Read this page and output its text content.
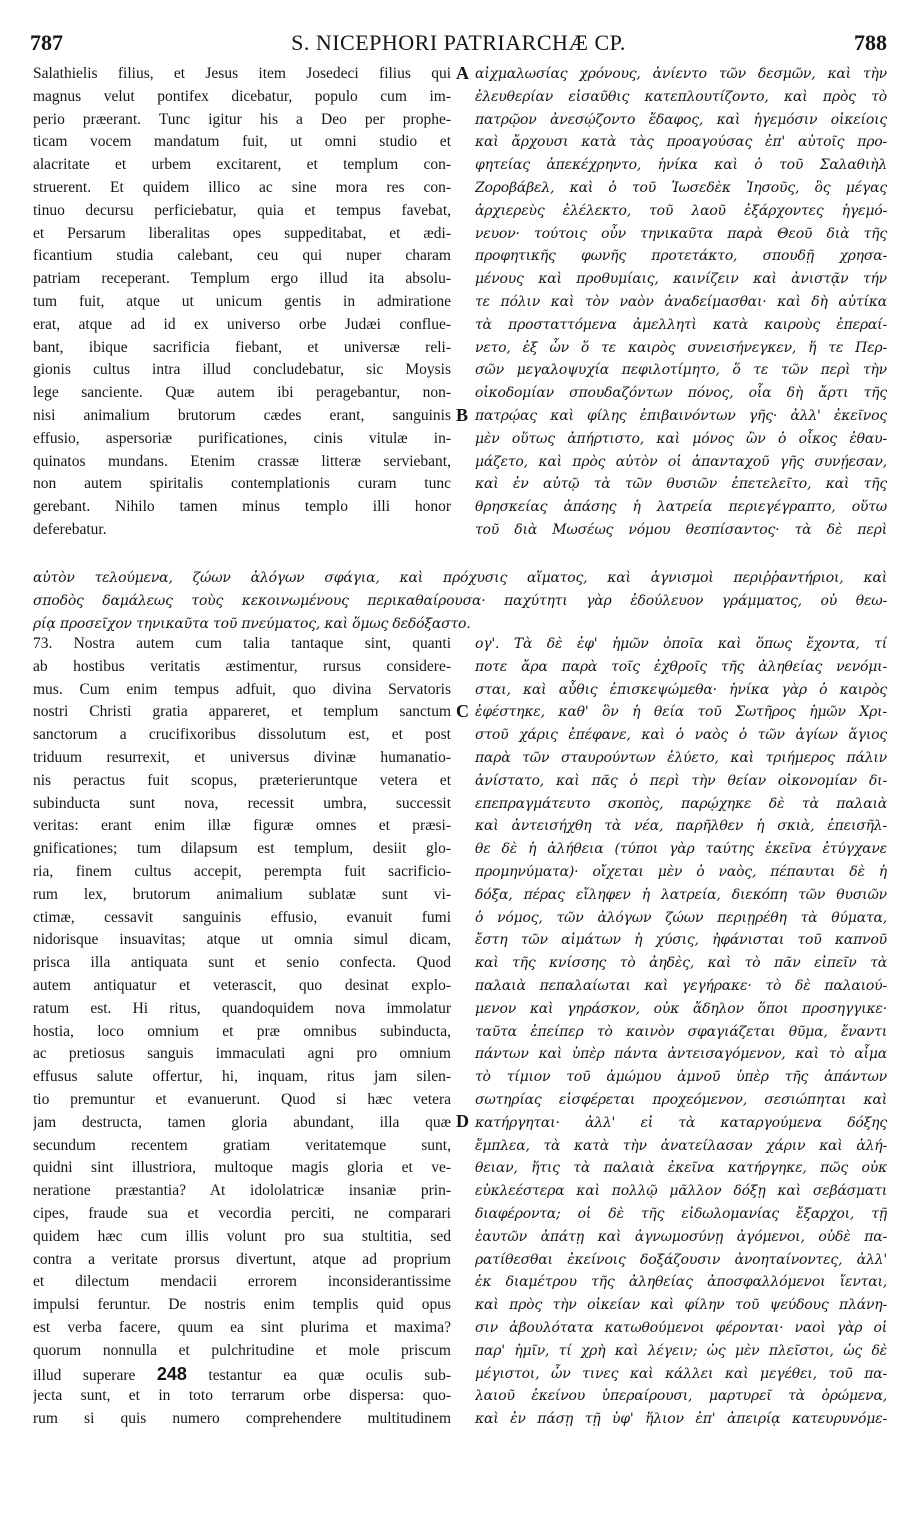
787	S. NICEPHORI PATRIARCHÆ CP.	788
Salathielis filius, et Jesus item Josedeci filius qui
magnus velut pontifex dicebatur, populo cum im-
perio præerant. Tunc igitur his a Deo per prophe-
ticam vocem mandatum fuit, ut omni studio et
alacritate et urbem excitarent, et templum con-
struerent. Et quidem illico ac sine mora res con-
tinuo decursu perficiebatur, quia et tempus favebat,
et Persarum liberalitas opes suppeditabat, et ædi-
ficantium studia calebant, ceu qui nuper charam
patriam receperant. Templum ergo illud ita absolu-
tum fuit, atque ut unicum gentis in admiratione
erat, atque ad id ex universo orbe Judæi conflue-
bant, ibique sacrificia fiebant, et universæ reli-
gionis cultus intra illud concludebatur, sic Moysis
lege sanciente. Quæ autem ibi peragebantur, non-
nisi animalium brutorum cædes erant, sanguinis
effusio, aspersoriæ purificationes, cinis vitulæ in-
quinatos mundans. Etenim crassæ litteræ serviebant,
non autem spiritalis contemplationis curam tunc
gerebant. Nihilo tamen minus templo illi honor
deferebatur.
αἰχμαλωσίας χρόνους, ἀνίεντο τῶν δεσμῶν, καὶ τὴν
ἐλευθερίαν εἰσαῦθις κατεπλουτίζοντο, καὶ πρὸς τὸ
πατρῷον ἀνεσῴζοντο ἔδαφος, καὶ ἡγεμόσιν οἰκείοις
καὶ ἄρχουσι κατὰ τὰς προαγούσας ἐπ' αὐτοῖς προ-
φητείας ἀπεκέχρηντο, ἡνίκα καὶ ὁ τοῦ Σαλαθιὴλ
Ζοροβάβελ, καὶ ὁ τοῦ Ἰωσεδὲκ Ἰησοῦς, ὃς μέγας
ἀρχιερεὺς ἐλέλεκτο, τοῦ λαοῦ ἐξάρχοντες ἡγεμό-
νευον· τούτοις οὖν τηνικαῦτα παρὰ Θεοῦ διὰ τῆς
προφητικῆς φωνῆς προτετάκτο, σπουδῇ χρησα-
μένους καὶ προθυμίαις, καινίζειν καὶ ἀνιστᾷν τήν
τε πόλιν καὶ τὸν ναὸν ἀναδείμασθαι· καὶ δὴ αὐτίκα
τὰ προσταττόμενα ἀμελλητὶ κατὰ καιροὺς ἐπεραί-
νετο, ἐξ ὧν ὅ τε καιρὸς συνεισήνεγκεν, ἥ τε Περ-
σῶν μεγαλοψυχία πεφιλοτίμητο, ὅ τε τῶν περὶ τὴν
οἰκοδομίαν σπουδαζόντων πόνος, οἷα δὴ ἄρτι τῆς
πατρῴας καὶ φίλης ἐπιβαινόντων γῆς· ἀλλ' ἐκεῖνος
μὲν οὕτως ἀπήρτιστο, καὶ μόνος ὢν ὁ οἶκος ἐθαυ-
μάζετο, καὶ πρὸς αὐτὸν οἱ ἁπανταχοῦ γῆς συνῄεσαν,
καὶ ἐν αὐτῷ τὰ τῶν θυσιῶν ἐπετελεῖτο, καὶ τῆς
θρησκείας ἁπάσης ἡ λατρεία περιεγέγραπτο, οὕτω
τοῦ διὰ Μωσέως νόμου θεσπίσαντος· τὰ δὲ περὶ
αὐτὸν τελούμενα, ζώων ἀλόγων σφάγια, καὶ πρόχυσις αἵματος, καὶ ἁγνισμοὶ περιῤῥαντήριοι, καὶ
σποδὸς δαμάλεως τοὺς κεκοινωμένους περικαθαίρουσα· παχύτητι γὰρ ἐδούλευον γράμματος, οὐ θεω-
ρίᾳ προσεῖχον τηνικαῦτα τοῦ πνεύματος, καὶ ὅμως δεδόξαστο.
73. Nostra autem cum talia tantaque sint, quanti
ab hostibus veritatis æstimentur, rursus considere-
mus. Cum enim tempus adfuit, quo divina Servatoris
nostri Christi gratia appareret, et templum sanctum
sanctorum a crucifixoribus dissolutum est, et post
triduum resurrexit, et universus divinæ humanatio-
nis peractus fuit scopus, præterieruntque vetera et
subinducta sunt nova, recessit umbra, successit
veritas: erant enim illæ figuræ omnes et præsi-
gnificationes; tum dilapsum est templum, desiit glo-
ria, finem cultus accepit, perempta fuit sacrificio-
rum lex, brutorum animalium sublatæ sunt vi-
ctimæ, cessavit sanguinis effusio, evanuit fumi
nidorisque insuavitas; atque ut omnia simul dicam,
prisca illa antiquata sunt et senio confecta. Quod
autem antiquatur et veterascit, quo desinat explo-
ratum est. Hi ritus, quandoquidem nova immolatur
hostia, loco omnium et præ omnibus subinducta,
ac pretiosus sanguis immaculati agni pro omnium
effusus salute offertur, hi, inquam, ritus jam silen-
tio premuntur et evanuerunt. Quod si hæc vetera
jam destructa, tamen gloria abundant, illa quæ
secundum recentem gratiam veritatemque sunt,
quidni sint illustriora, multoque magis gloria et ve-
neratione præstantia? At idololatricæ insaniæ prin-
cipes, fraude sua et vecordia perciti, ne comparari
quidem hæc cum illis volunt pro sua stultitia, sed
contra a veritate prorsus divertunt, atque ad proprium
et dilectum mendacii errorem inconsiderantissime
impulsi feruntur. De nostris enim templis quid opus
est verba facere, quum ea sint plurima et maxima?
quorum nonnulla et pulchritudine et mole priscum
illud superare 248 testantur ea quæ oculis sub-
jecta sunt, et in toto terrarum orbe dispersa: quo-
rum si quis numero comprehendere multitudinem
ογ'. Τὰ δὲ ἐφ' ἡμῶν ὁποῖα καὶ ὅπως ἔχοντα, τί
ποτε ἄρα παρὰ τοῖς ἐχθροῖς τῆς ἀληθείας νενόμι-
σται, καὶ αὖθις ἐπισκεψώμεθα· ἡνίκα γὰρ ὁ καιρὸς
ἐφέστηκε, καθ' ὃν ἡ θεία τοῦ Σωτῆρος ἡμῶν Χρι-
στοῦ χάρις ἐπέφανε, καὶ ὁ ναὸς ὁ τῶν ἁγίων ἅγιος
παρὰ τῶν σταυρούντων ἐλύετο, καὶ τριήμερος πάλιν
ἀνίστατο, καὶ πᾶς ὁ περὶ τὴν θείαν οἰκονομίαν δι-
επεπραγμάτευτο σκοπὸς, παρῴχηκε δὲ τὰ παλαιὰ
καὶ ἀντεισήχθη τὰ νέα, παρῆλθεν ἡ σκιὰ, ἐπεισῆλ-
θε δὲ ἡ ἀλήθεια (τύποι γὰρ ταύτης ἐκεῖνα ἐτύγχανε
προμηνύματα)· οἴχεται μὲν ὁ ναὸς, πέπαυται δὲ ἡ
δόξα, πέρας εἴληφεν ἡ λατρεία, διεκόπη τῶν θυσιῶν
ὁ νόμος, τῶν ἀλόγων ζώων περιῃρέθη τὰ θύματα,
ἔστη τῶν αἱμάτων ἡ χύσις, ἠφάνισται τοῦ καπνοῦ
καὶ τῆς κνίσσης τὸ ἀηδὲς, καὶ τὸ πᾶν εἰπεῖν τὰ
παλαιὰ πεπαλαίωται καὶ γεγήρακε· τὸ δὲ παλαιού-
μενον καὶ γηράσκον, οὐκ ἄδηλον ὅποι προσηγγικε·
ταῦτα ἐπείπερ τὸ καινὸν σφαγιάζεται θῦμα, ἔναντι
πάντων καὶ ὑπὲρ πάντα ἀντεισαγόμενον, καὶ τὸ αἷμα
τὸ τίμιον τοῦ ἀμώμου ἀμνοῦ ὑπὲρ τῆς ἁπάντων
σωτηρίας εἰσφέρεται προχεόμενον, σεσιώπηται καὶ
κατήργηται· ἀλλ' εἰ τὰ καταργούμενα δόξης
ἔμπλεα, τὰ κατὰ τὴν ἀνατείλασαν χάριν καὶ ἀλή-
θειαν, ἥτις τὰ παλαιὰ ἐκεῖνα κατήργηκε, πῶς οὐκ
εὐκλεέστερα καὶ πολλῷ μᾶλλον δόξῃ καὶ σεβάσματι
διαφέροντα; οἱ δὲ τῆς εἰδωλομανίας ἔξαρχοι, τῇ
ἑαυτῶν ἀπάτῃ καὶ ἀγνωμοσύνῃ ἀγόμενοι, οὐδὲ πα-
ρατίθεσθαι ἐκείνοις δοξάζουσιν ἀνοηταίνοντες, ἀλλ'
ἐκ διαμέτρου τῆς ἀληθείας ἀποσφαλλόμενοι ἴενται,
καὶ πρὸς τὴν οἰκείαν καὶ φίλην τοῦ ψεύδους πλάνη-
σιν ἀβουλότατα κατωθούμενοι φέρονται· ναοὶ γὰρ οἱ
παρ' ἡμῖν, τί χρὴ καὶ λέγειν; ὡς μὲν πλεῖστοι, ὡς δὲ
μέγιστοι, ὧν τινες καὶ κάλλει καὶ μεγέθει, τοῦ πα-
λαιοῦ ἐκείνου ὑπεραίρουσι, μαρτυρεῖ τὰ ὁρώμενα,
καὶ ἐν πάσῃ τῇ ὑφ' ἥλιον ἐπ' ἀπειρίᾳ κατευρυνόμε-
A
B
C
D
